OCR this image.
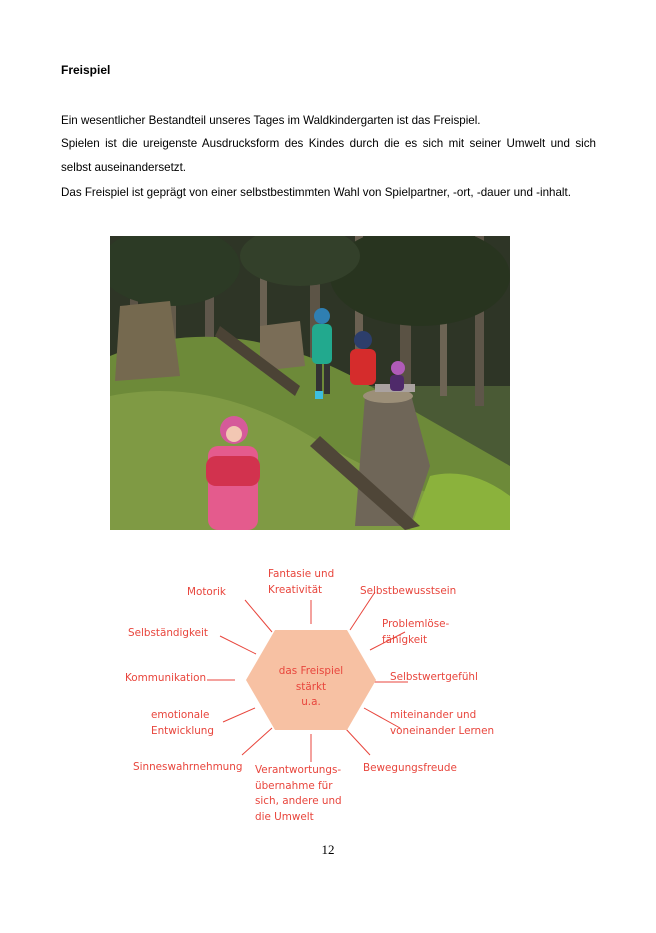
Freispiel
Ein wesentlicher Bestandteil unseres Tages im Waldkindergarten ist das Freispiel.
Spielen ist die ureigenste Ausdrucksform des Kindes durch die es sich mit seiner Umwelt und sich selbst auseinandersetzt.
Das Freispiel ist geprägt von einer selbstbestimmten Wahl von Spielpartner, -ort, -dauer und -inhalt.
das Freispiel
stärkt
u.a.
Fantasie und
Kreativität	Selbstbewusstsein
Problemlöse-
fähigkeit
Selbstwertgefühl
miteinander und
voneinander Lernen
Bewegungsfreude
Verantwortungs-
übernahme für
sich, andere und
die Umwelt
Sinneswahrnehmung
emotionale
Entwicklung
Kommunikation
Selbständigkeit
Motorik
12
